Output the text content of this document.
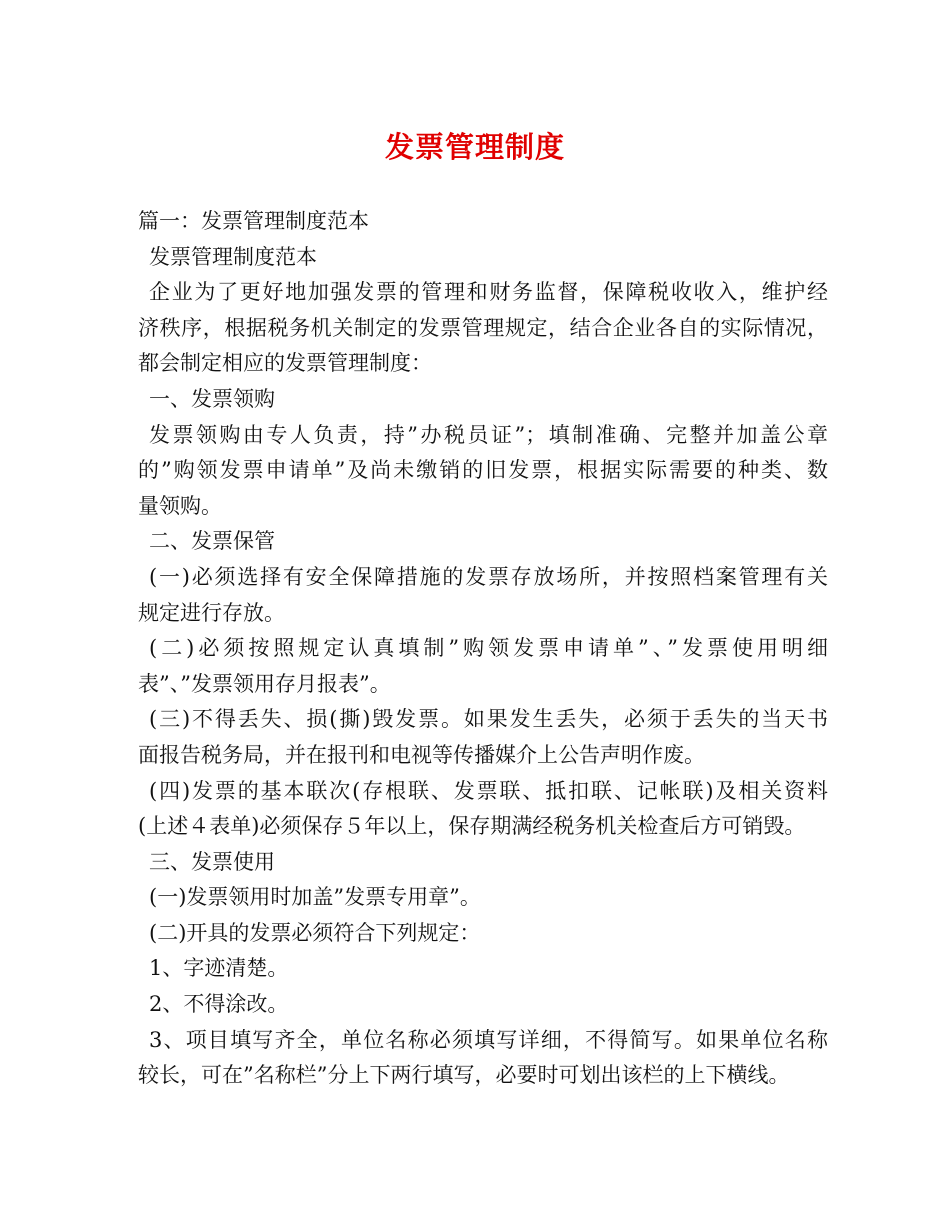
发票管理制度
篇一：发票管理制度范本
发票管理制度范本
企业为了更好地加强发票的管理和财务监督，保障税收收入，维护经
济秩序，根据税务机关制定的发票管理规定，结合企业各自的实际情况，
都会制定相应的发票管理制度：
一、发票领购
发票领购由专人负责，持”办税员证”；填制准确、完整并加盖公章
的”购领发票申请单”及尚未缴销的旧发票，根据实际需要的种类、数
量领购。
二、发票保管
(一)必须选择有安全保障措施的发票存放场所，并按照档案管理有关
规定进行存放。
(二)必须按照规定认真填制”购领发票申请单”、”发票使用明细
表”、”发票领用存月报表”。
(三)不得丢失、损(撕)毁发票。如果发生丢失，必须于丢失的当天书
面报告税务局，并在报刊和电视等传播媒介上公告声明作废。
(四)发票的基本联次(存根联、发票联、抵扣联、记帐联)及相关资料
(上述４表单)必须保存５年以上，保存期满经税务机关检查后方可销毁。
三、发票使用
(一)发票领用时加盖”发票专用章”。
(二)开具的发票必须符合下列规定：
1、字迹清楚。
2、不得涂改。
3、项目填写齐全，单位名称必须填写详细，不得简写。如果单位名称
较长，可在”名称栏”分上下两行填写，必要时可划出该栏的上下横线。
